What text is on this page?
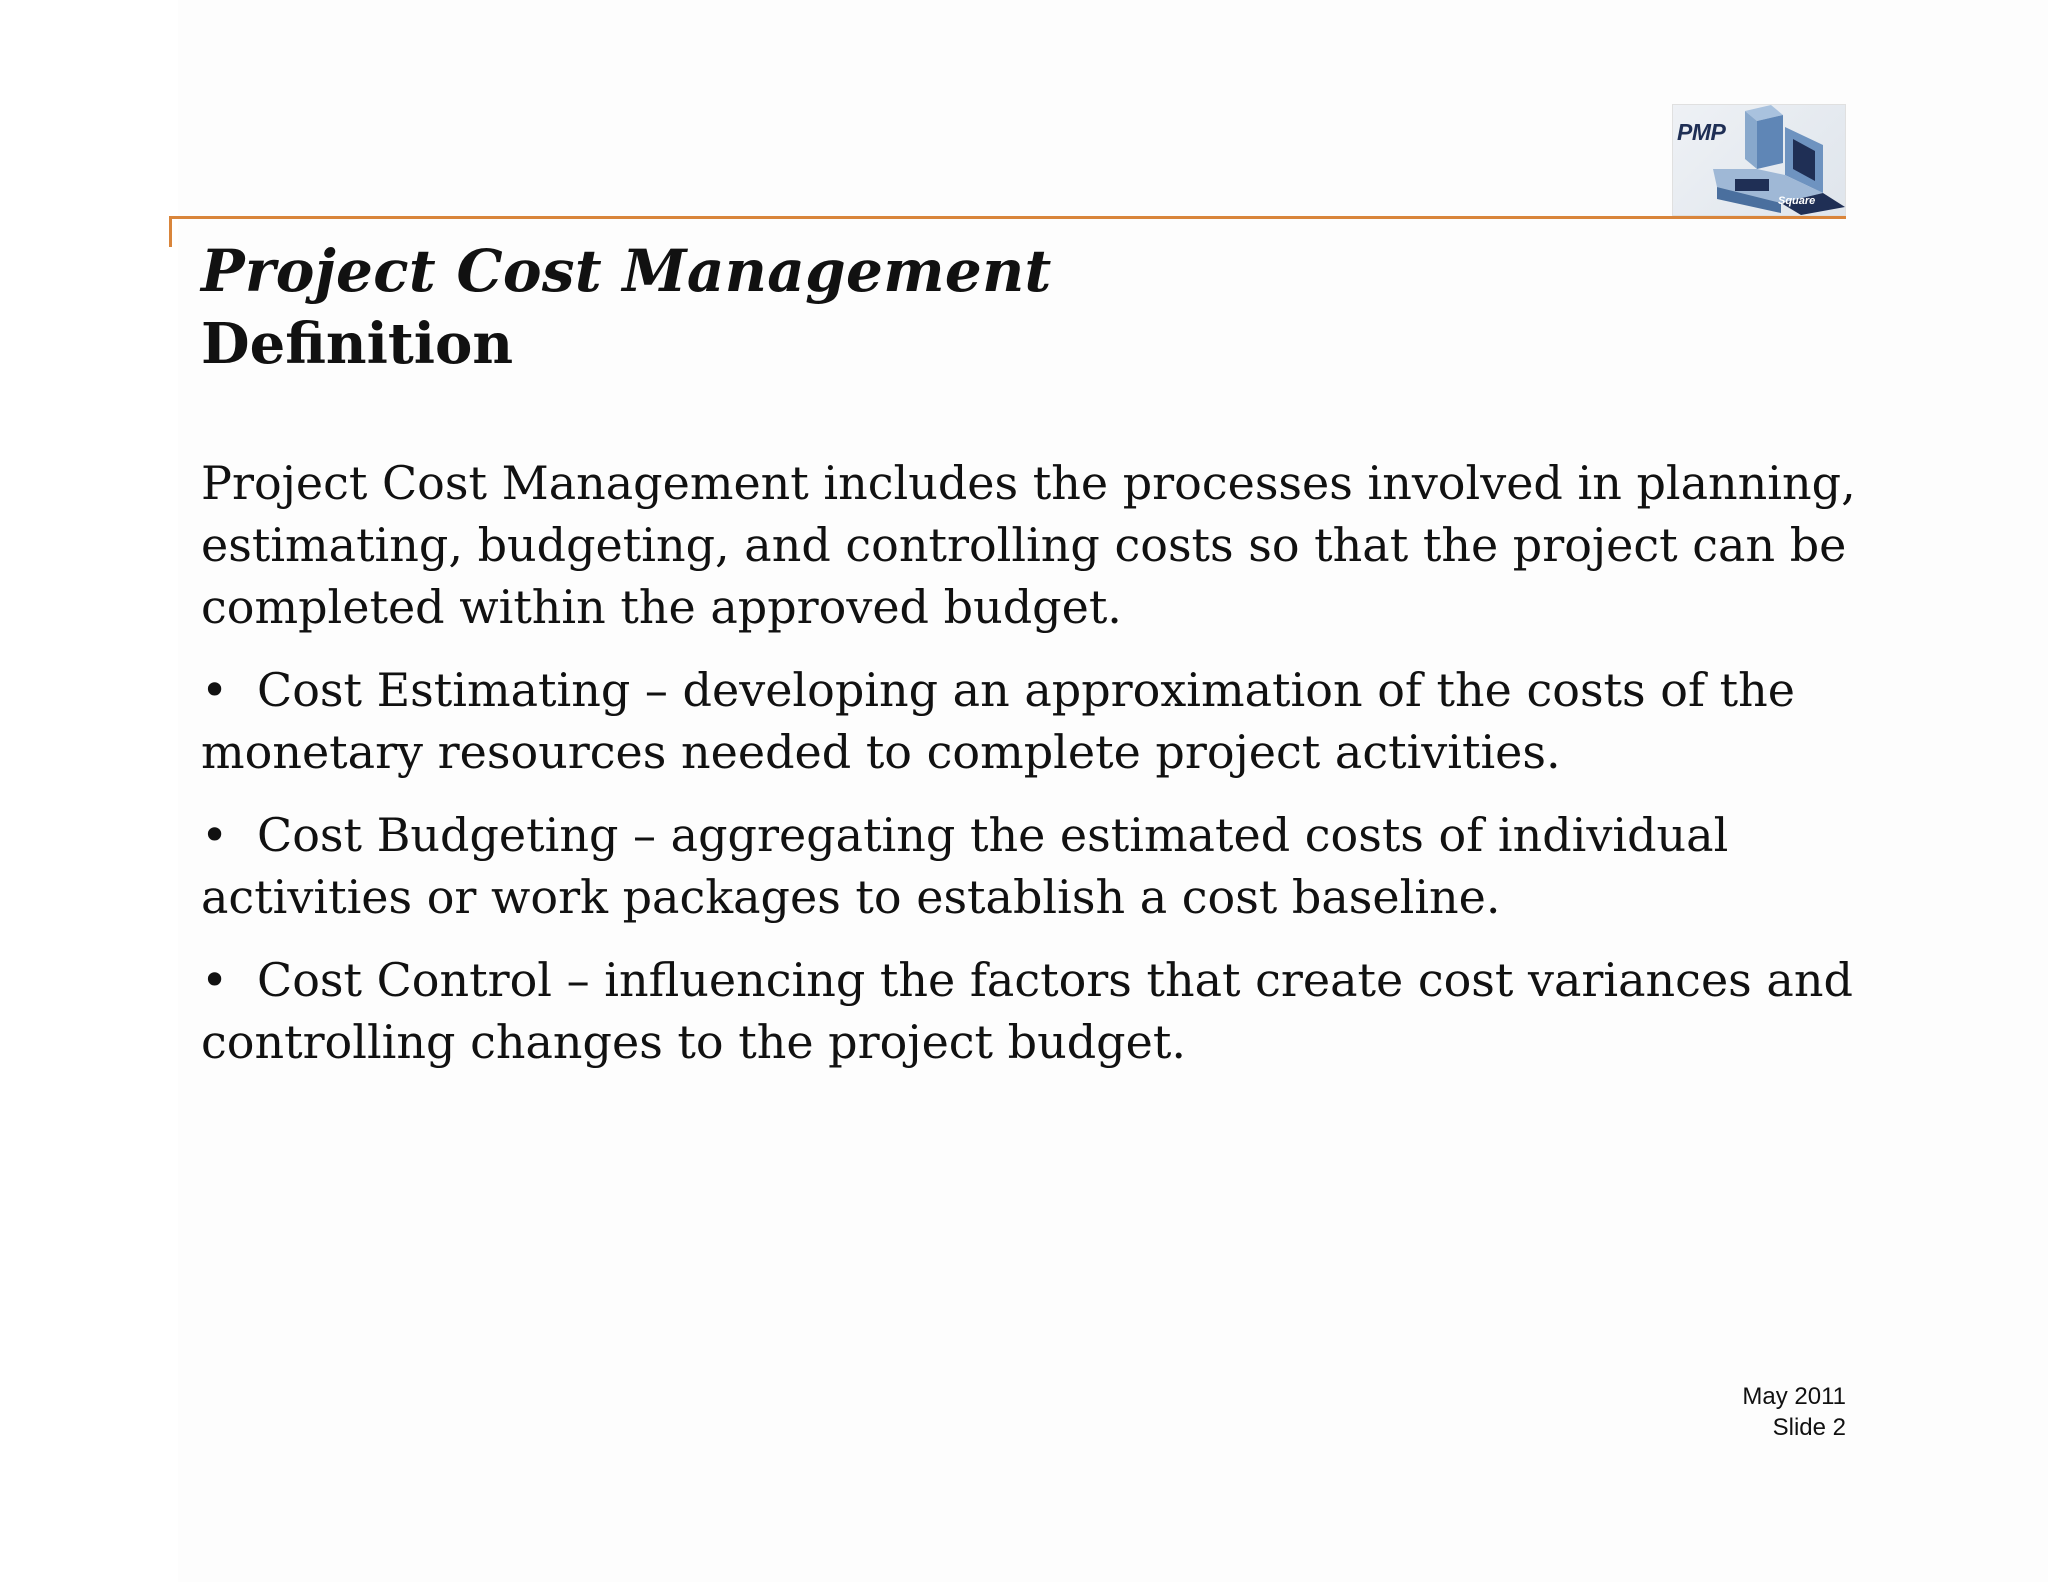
PMP
Square
Project Cost Management
Definition

Project Cost Management includes the processes involved in planning,
estimating, budgeting, and controlling costs so that the project can be
completed within the approved budget.

• Cost Estimating – developing an approximation of the costs of the
monetary resources needed to complete project activities.

• Cost Budgeting – aggregating the estimated costs of individual
activities or work packages to establish a cost baseline.

• Cost Control – influencing the factors that create cost variances and
controlling changes to the project budget.

May 2011
Slide 2
